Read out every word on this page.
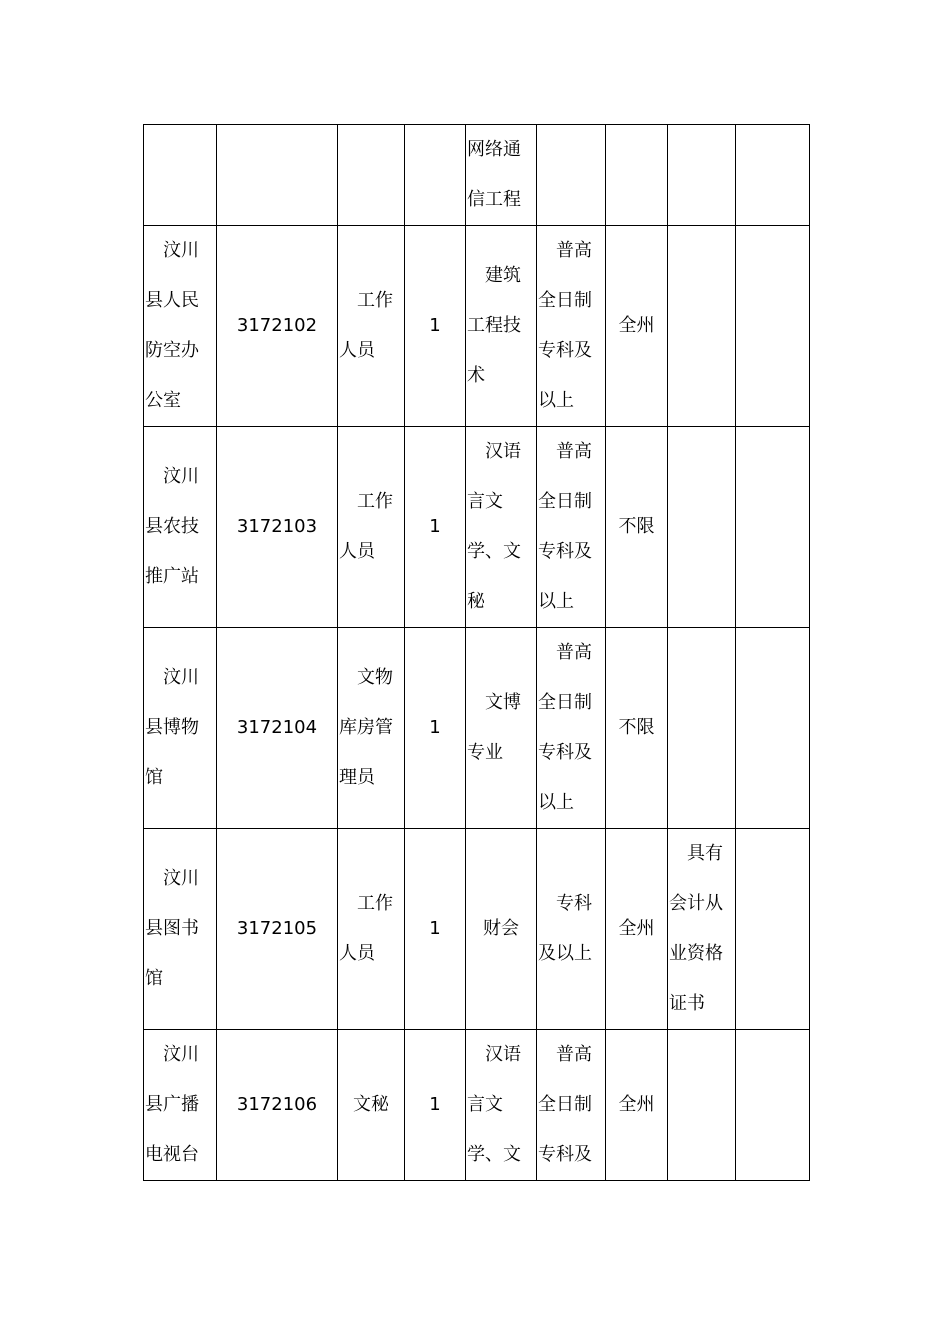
				网络通信工程				

汶川县人民防空办公室	3172102	工作人员	1	建筑工程技术	普高全日制专科及以上	全州		

汶川县农技推广站	3172103	工作人员	1	汉语言文学、文秘	普高全日制专科及以上	不限		

汶川县博物馆	3172104	文物库房管理员	1	文博专业	普高全日制专科及以上	不限		

汶川县图书馆	3172105	工作人员	1	财会	专科及以上	全州	具有会计从业资格证书	

汶川县广播电视台	3172106	文秘	1	汉语言文学、文	普高全日制专科及	全州		
